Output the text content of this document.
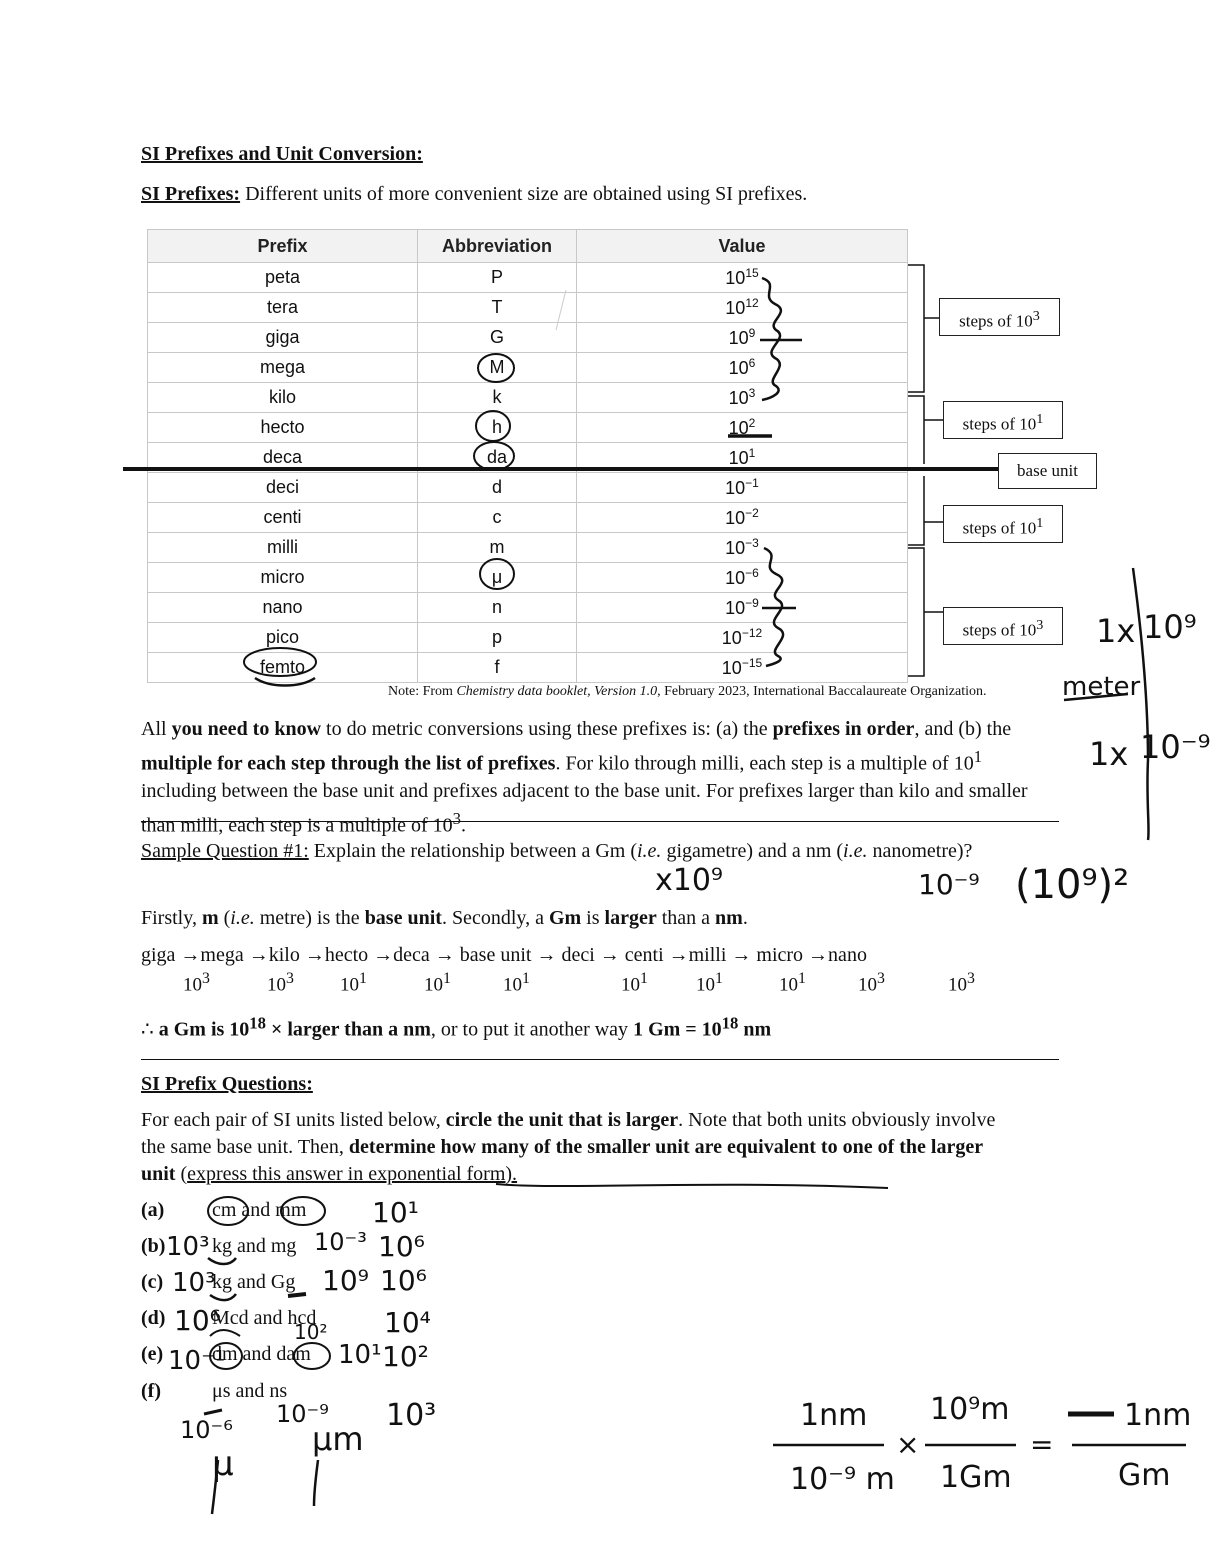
SI Prefixes and Unit Conversion:
SI Prefixes: Different units of more convenient size are obtained using SI prefixes.
Prefix	Abbreviation	Value
peta	P	$10^{15}$
tera	T	$10^{12}$
giga	G	$10^9$
mega	M	$10^6$
kilo	k	$10^3$
hecto	h	$10^2$
deca	da	$10^1$
deci	d	$10^{-1}$
centi	c	$10^{-2}$
milli	m	$10^{-3}$
micro	μ	$10^{-6}$
nano	n	$10^{-9}$
pico	p	$10^{-12}$
femto	f	$10^{-15}$
steps of $10^3$
steps of $10^1$
base unit
steps of $10^1$
steps of $10^3$
Note: From Chemistry data booklet, Version 1.0, February 2023, International Baccalaureate Organization.
All you need to know to do metric conversions using these prefixes is: (a) the prefixes in order, and (b) the multiple for each step through the list of prefixes. For kilo through milli, each step is a multiple of $10^1$ including between the base unit and prefixes adjacent to the base unit. For prefixes larger than kilo and smaller than milli, each step is a multiple of $10^3$.
Sample Question #1: Explain the relationship between a Gm (i.e. gigametre) and a nm (i.e. nanometre)?
Firstly, m (i.e. metre) is the base unit. Secondly, a Gm is larger than a nm.
giga →mega →kilo →hecto →deca → base unit → deci → centi →milli → micro →nano
$10^3$	$10^3$ $10^1$	$10^1$	$10^1$	$10^1$	$10^1$	$10^1$	$10^3$	$10^3$
∴ a Gm is $10^{18}$ × larger than a nm, or to put it another way 1 $Gm = 10^{18}$ nm
SI Prefix Questions:
For each pair of SI units listed below, circle the unit that is larger. Note that both units obviously involve the same base unit. Then, determine how many of the smaller unit are equivalent to one of the larger unit (express this answer in exponential form).
(a) cm and mm
(b) kg and mg
(c) kg and Gg
(d) Mcd and hcd
(e) dm and dam
(f)	μs and ns
1x 10⁹
meter
1x 10⁻⁹
x10⁹	10⁻⁹ (10⁹)²
10¹
10³	10⁻³ 10⁶
10³	10⁹ 10⁶
10⁶	10² 10⁴
10⁻¹	10¹ 10²
10⁻⁶
10⁻⁹ 10³
μ
μm
1nm
10⁻⁹ m
×
10⁹m
1Gm
=
1nm
Gm
